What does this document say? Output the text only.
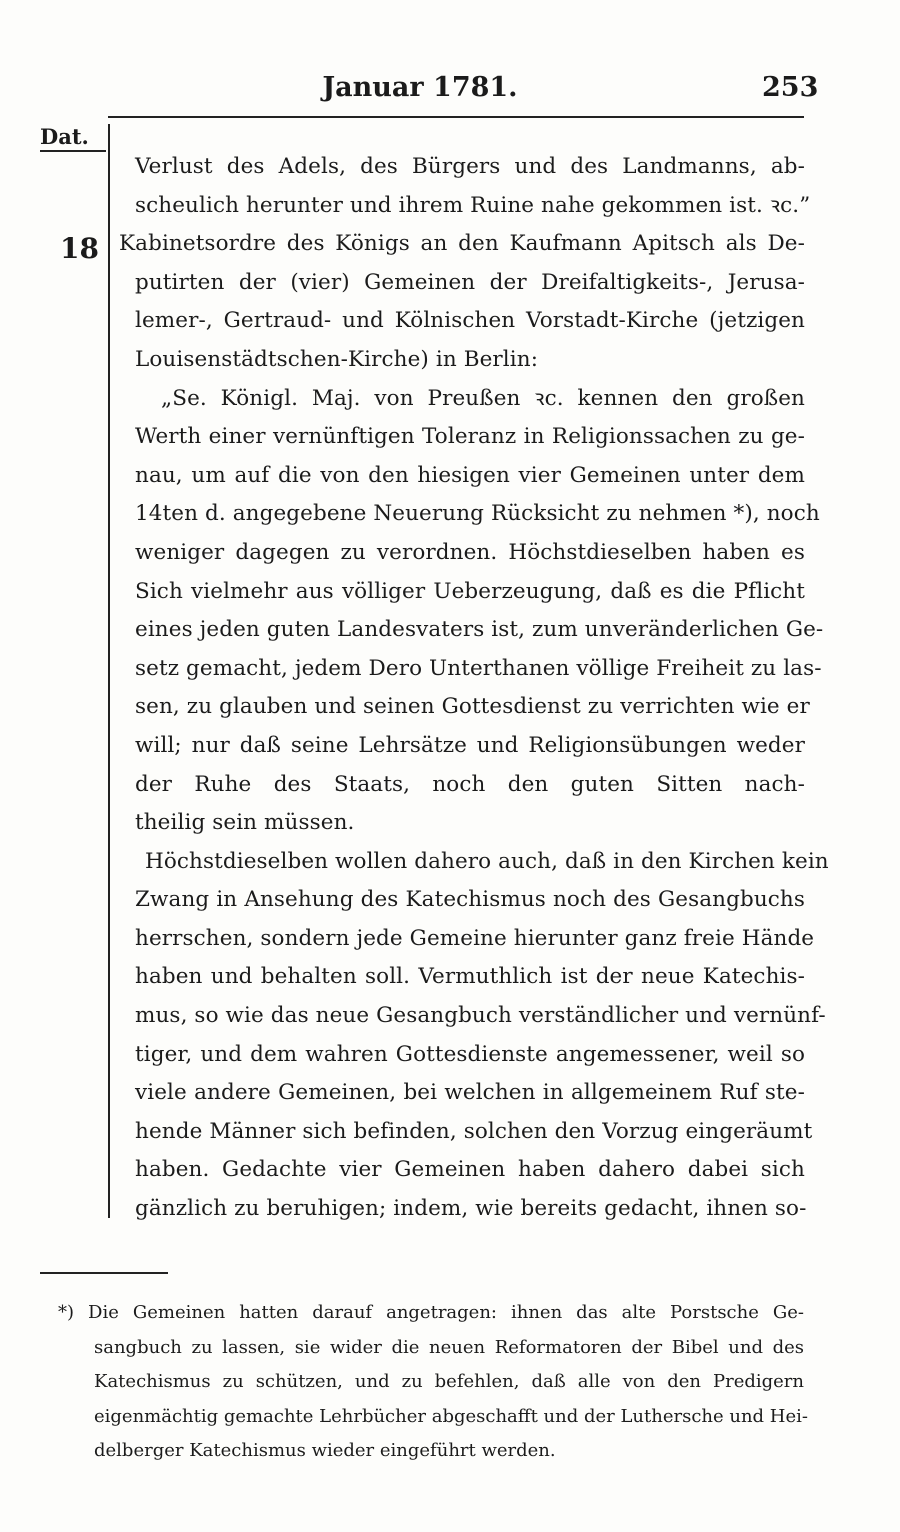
Januar 1781.	253
Dat.
18
Verlust des Adels, des Bürgers und des Landmanns, ab-
scheulich herunter und ihrem Ruine nahe gekommen ist. ꝛc.”
Kabinetsordre des Königs an den Kaufmann Apitsch als De-
putirten der (vier) Gemeinen der Dreifaltigkeits-, Jerusa-
lemer-, Gertraud- und Kölnischen Vorstadt-Kirche (jetzigen
Louisenstädtschen-Kirche) in Berlin:
„Se. Königl. Maj. von Preußen ꝛc. kennen den großen
Werth einer vernünftigen Toleranz in Religionssachen zu ge-
nau, um auf die von den hiesigen vier Gemeinen unter dem
14ten d. angegebene Neuerung Rücksicht zu nehmen *), noch
weniger dagegen zu verordnen. Höchstdieselben haben es
Sich vielmehr aus völliger Ueberzeugung, daß es die Pflicht
eines jeden guten Landesvaters ist, zum unveränderlichen Ge-
setz gemacht, jedem Dero Unterthanen völlige Freiheit zu las-
sen, zu glauben und seinen Gottesdienst zu verrichten wie er
will; nur daß seine Lehrsätze und Religionsübungen weder
der Ruhe des Staats, noch den guten Sitten nach-
theilig sein müssen.
Höchstdieselben wollen dahero auch, daß in den Kirchen kein
Zwang in Ansehung des Katechismus noch des Gesangbuchs
herrschen, sondern jede Gemeine hierunter ganz freie Hände
haben und behalten soll. Vermuthlich ist der neue Katechis-
mus, so wie das neue Gesangbuch verständlicher und vernünf-
tiger, und dem wahren Gottesdienste angemessener, weil so
viele andere Gemeinen, bei welchen in allgemeinem Ruf ste-
hende Männer sich befinden, solchen den Vorzug eingeräumt
haben. Gedachte vier Gemeinen haben dahero dabei sich
gänzlich zu beruhigen; indem, wie bereits gedacht, ihnen so-
*) Die Gemeinen hatten darauf angetragen: ihnen das alte Porstsche Ge-
sangbuch zu lassen, sie wider die neuen Reformatoren der Bibel und des
Katechismus zu schützen, und zu befehlen, daß alle von den Predigern
eigenmächtig gemachte Lehrbücher abgeschafft und der Luthersche und Hei-
delberger Katechismus wieder eingeführt werden.
